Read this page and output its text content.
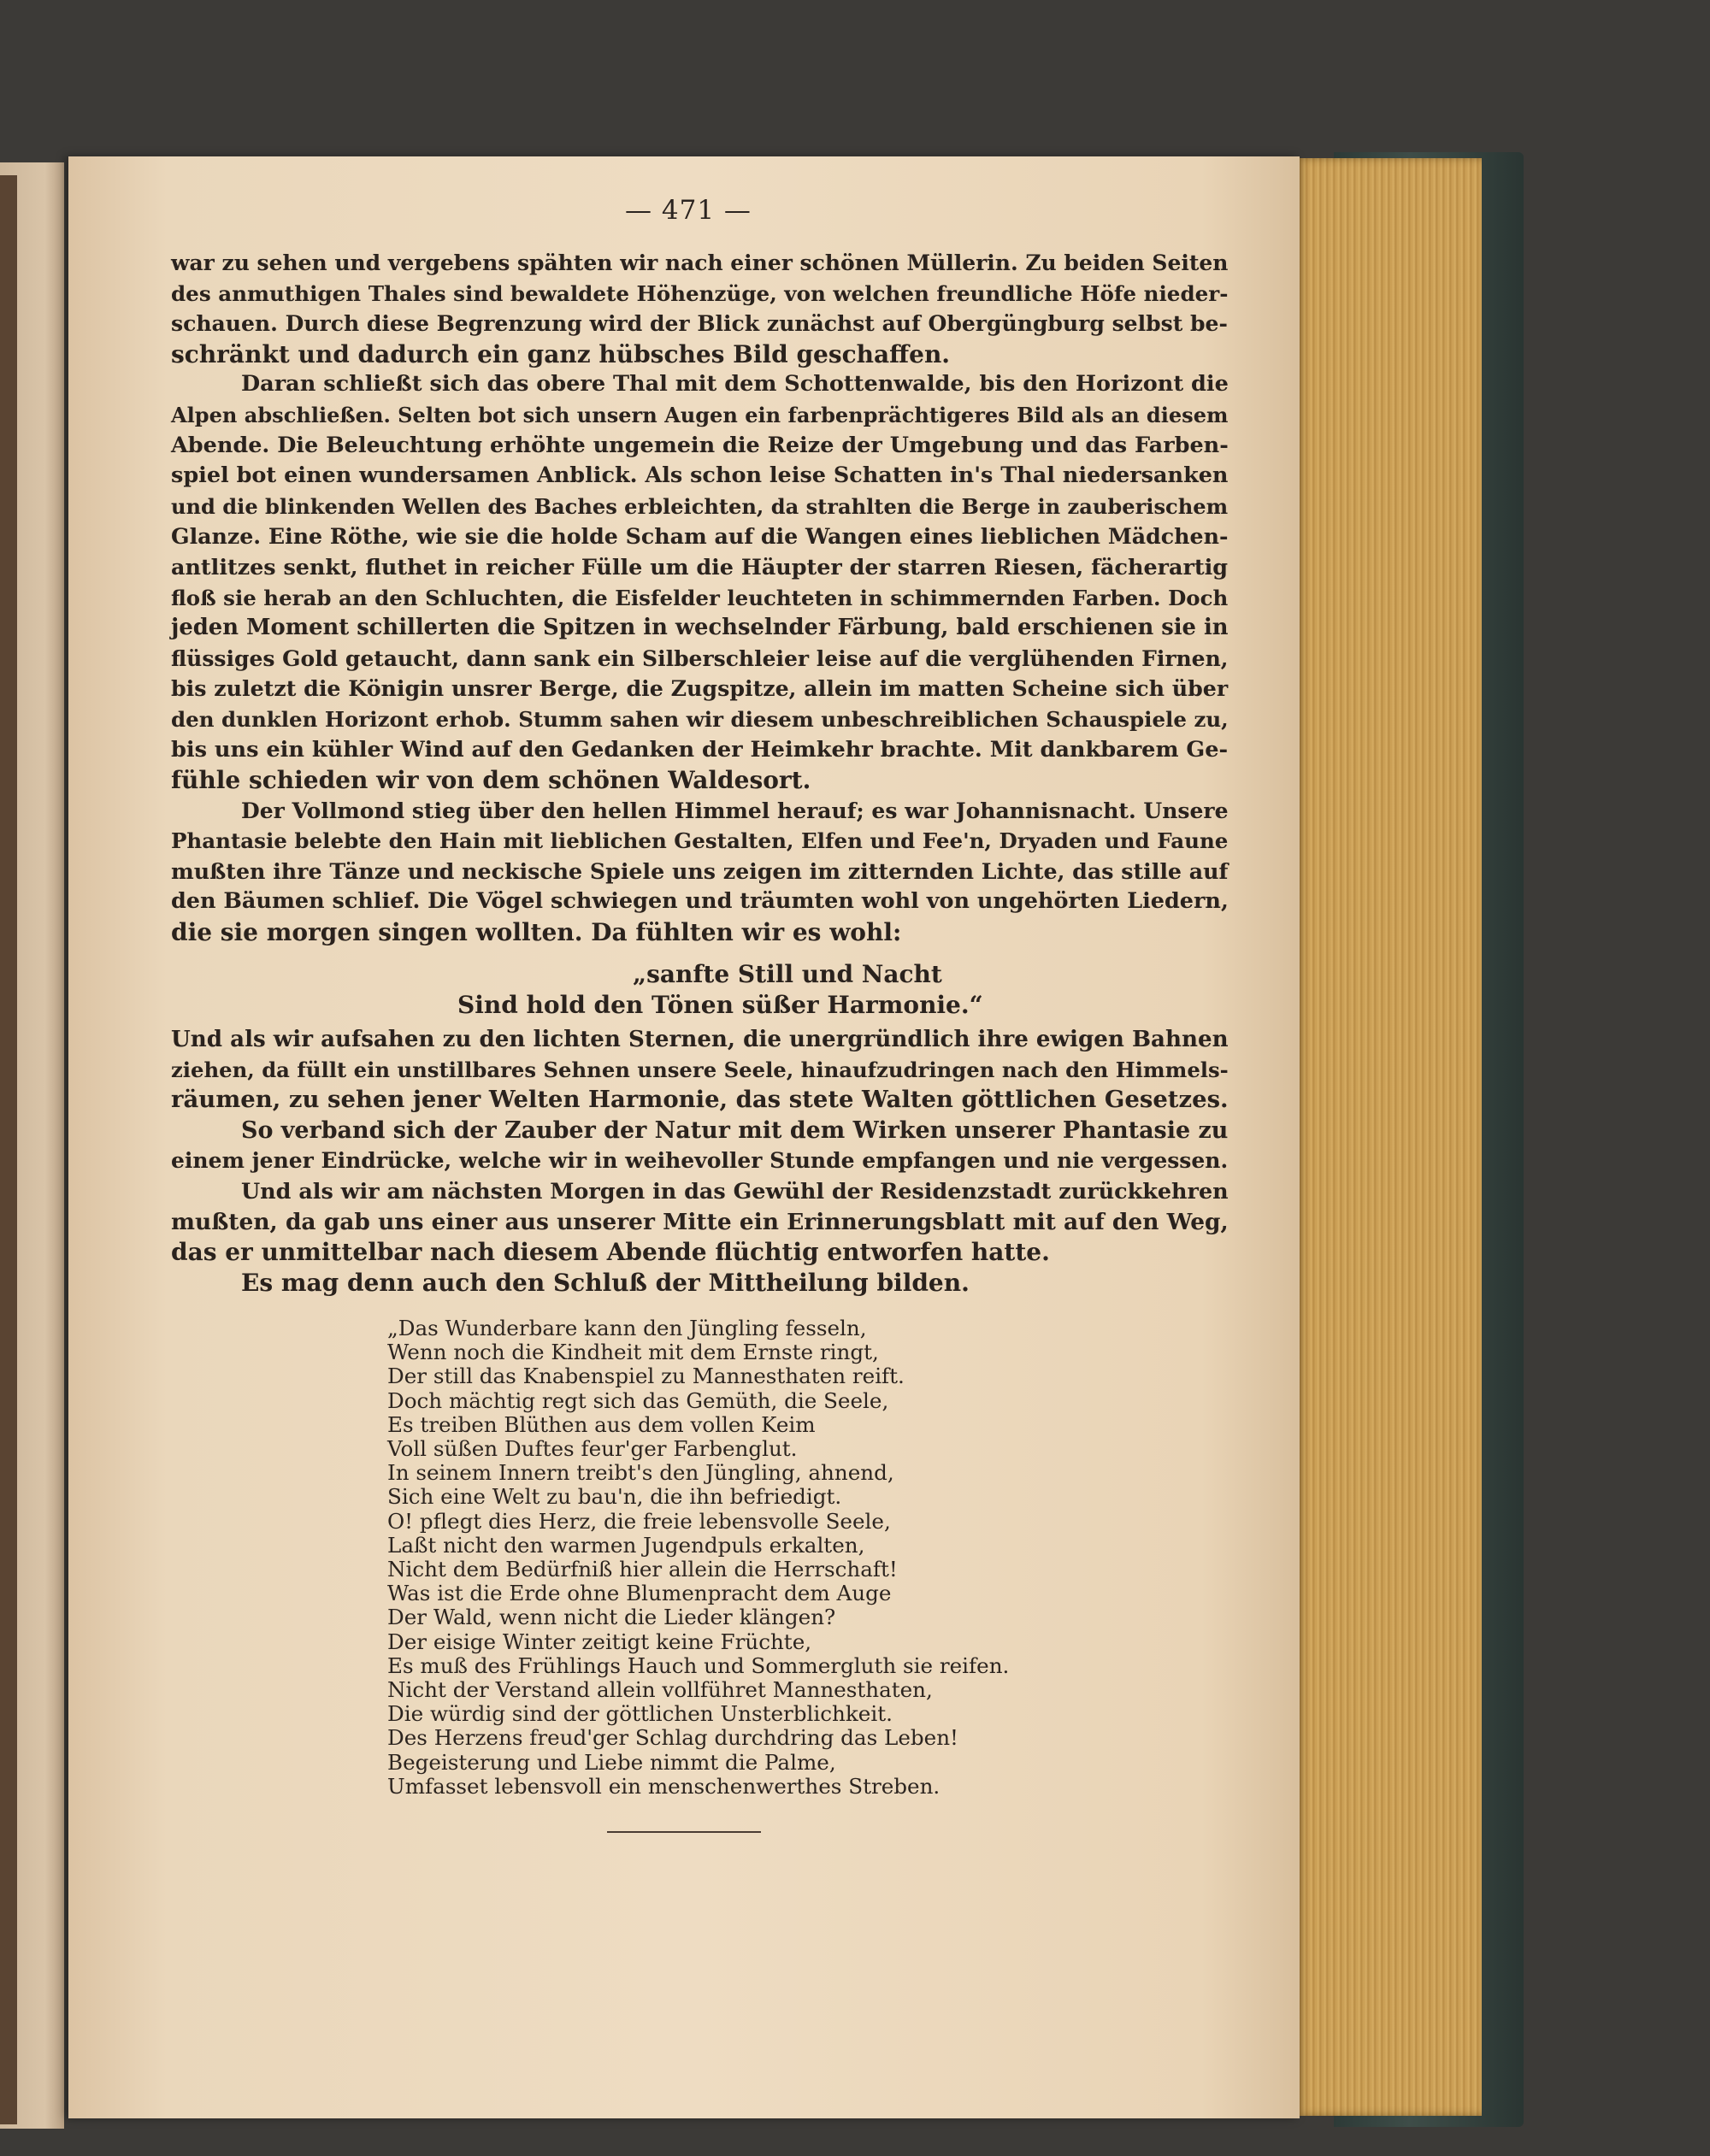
— 471 —

war zu sehen und vergebens spähten wir nach einer schönen Müllerin. Zu beiden Seiten

des anmuthigen Thales sind bewaldete Höhenzüge, von welchen freundliche Höfe nieder-

schauen. Durch diese Begrenzung wird der Blick zunächst auf Obergüngburg selbst be-

schränkt und dadurch ein ganz hübsches Bild geschaffen.

Daran schließt sich das obere Thal mit dem Schottenwalde, bis den Horizont die

Alpen abschließen. Selten bot sich unsern Augen ein farbenprächtigeres Bild als an diesem

Abende. Die Beleuchtung erhöhte ungemein die Reize der Umgebung und das Farben-

spiel bot einen wundersamen Anblick. Als schon leise Schatten in's Thal niedersanken

und die blinkenden Wellen des Baches erbleichten, da strahlten die Berge in zauberischem

Glanze. Eine Röthe, wie sie die holde Scham auf die Wangen eines lieblichen Mädchen-

antlitzes senkt, fluthet in reicher Fülle um die Häupter der starren Riesen, fächerartig

floß sie herab an den Schluchten, die Eisfelder leuchteten in schimmernden Farben. Doch

jeden Moment schillerten die Spitzen in wechselnder Färbung, bald erschienen sie in

flüssiges Gold getaucht, dann sank ein Silberschleier leise auf die verglühenden Firnen,

bis zuletzt die Königin unsrer Berge, die Zugspitze, allein im matten Scheine sich über

den dunklen Horizont erhob. Stumm sahen wir diesem unbeschreiblichen Schauspiele zu,

bis uns ein kühler Wind auf den Gedanken der Heimkehr brachte. Mit dankbarem Ge-

fühle schieden wir von dem schönen Waldesort.

Der Vollmond stieg über den hellen Himmel herauf; es war Johannisnacht. Unsere

Phantasie belebte den Hain mit lieblichen Gestalten, Elfen und Fee'n, Dryaden und Faune

mußten ihre Tänze und neckische Spiele uns zeigen im zitternden Lichte, das stille auf

den Bäumen schlief. Die Vögel schwiegen und träumten wohl von ungehörten Liedern,

die sie morgen singen wollten. Da fühlten wir es wohl:

„sanfte Still und Nacht
Sind hold den Tönen süßer Harmonie.“

Und als wir aufsahen zu den lichten Sternen, die unergründlich ihre ewigen Bahnen

ziehen, da füllt ein unstillbares Sehnen unsere Seele, hinaufzudringen nach den Himmels-

räumen, zu sehen jener Welten Harmonie, das stete Walten göttlichen Gesetzes.

So verband sich der Zauber der Natur mit dem Wirken unserer Phantasie zu

einem jener Eindrücke, welche wir in weihevoller Stunde empfangen und nie vergessen.

Und als wir am nächsten Morgen in das Gewühl der Residenzstadt zurückkehren

mußten, da gab uns einer aus unserer Mitte ein Erinnerungsblatt mit auf den Weg,

das er unmittelbar nach diesem Abende flüchtig entworfen hatte.

Es mag denn auch den Schluß der Mittheilung bilden.

„Das Wunderbare kann den Jüngling fesseln,
Wenn noch die Kindheit mit dem Ernste ringt,
Der still das Knabenspiel zu Mannesthaten reift.
Doch mächtig regt sich das Gemüth, die Seele,
Es treiben Blüthen aus dem vollen Keim
Voll süßen Duftes feur'ger Farbenglut.
In seinem Innern treibt's den Jüngling, ahnend,
Sich eine Welt zu bau'n, die ihn befriedigt.
O! pflegt dies Herz, die freie lebensvolle Seele,
Laßt nicht den warmen Jugendpuls erkalten,
Nicht dem Bedürfniß hier allein die Herrschaft!
Was ist die Erde ohne Blumenpracht dem Auge
Der Wald, wenn nicht die Lieder klängen?
Der eisige Winter zeitigt keine Früchte,
Es muß des Frühlings Hauch und Sommergluth sie reifen.
Nicht der Verstand allein vollführet Mannesthaten,
Die würdig sind der göttlichen Unsterblichkeit.
Des Herzens freud'ger Schlag durchdring das Leben!
Begeisterung und Liebe nimmt die Palme,
Umfasset lebensvoll ein menschenwerthes Streben.
